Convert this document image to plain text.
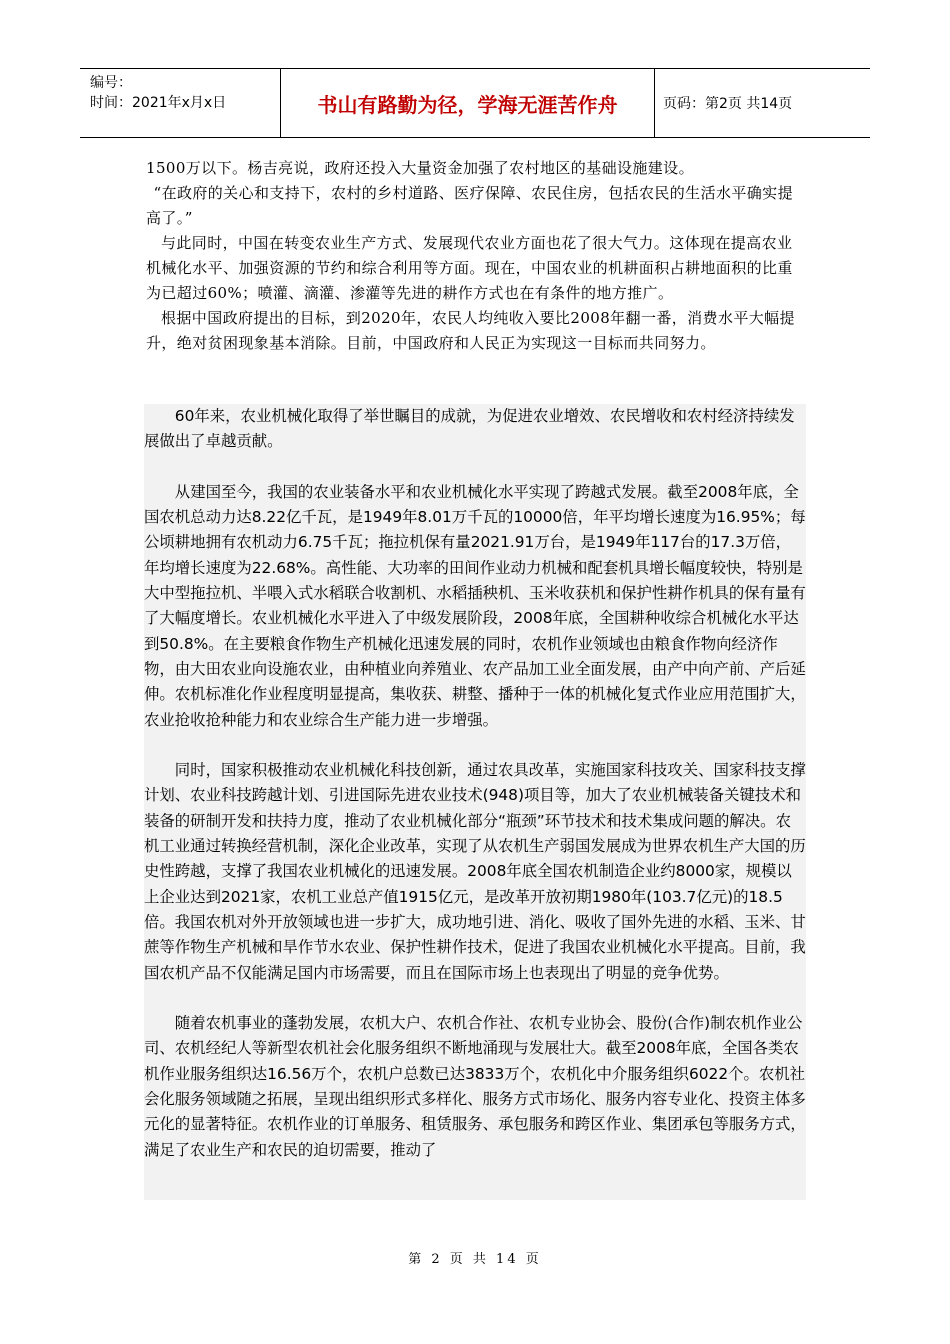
编号：
时间：2021年x月x日	书山有路勤为径，学海无涯苦作舟	页码：第2页 共14页

1500万以下。杨吉亮说，政府还投入大量资金加强了农村地区的基础设施建设。

“在政府的关心和支持下，农村的乡村道路、医疗保障、农民住房，包括农民的生活水平确实提高了。”

与此同时，中国在转变农业生产方式、发展现代农业方面也花了很大气力。这体现在提高农业机械化水平、加强资源的节约和综合利用等方面。现在，中国农业的机耕面积占耕地面积的比重为已超过60%；喷灌、滴灌、渗灌等先进的耕作方式也在有条件的地方推广。

根据中国政府提出的目标，到2020年，农民人均纯收入要比2008年翻一番，消费水平大幅提升，绝对贫困现象基本消除。目前，中国政府和人民正为实现这一目标而共同努力。

60年来，农业机械化取得了举世瞩目的成就，为促进农业增效、农民增收和农村经济持续发展做出了卓越贡献。

从建国至今，我国的农业装备水平和农业机械化水平实现了跨越式发展。截至2008年底，全国农机总动力达8.22亿千瓦，是1949年8.01万千瓦的10000倍，年平均增长速度为16.95%；每公顷耕地拥有农机动力6.75千瓦；拖拉机保有量2021.91万台，是1949年117台的17.3万倍，年均增长速度为22.68%。高性能、大功率的田间作业动力机械和配套机具增长幅度较快，特别是大中型拖拉机、半喂入式水稻联合收割机、水稻插秧机、玉米收获机和保护性耕作机具的保有量有了大幅度增长。农业机械化水平进入了中级发展阶段，2008年底，全国耕种收综合机械化水平达到50.8%。在主要粮食作物生产机械化迅速发展的同时，农机作业领域也由粮食作物向经济作物，由大田农业向设施农业，由种植业向养殖业、农产品加工业全面发展，由产中向产前、产后延伸。农机标准化作业程度明显提高，集收获、耕整、播种于一体的机械化复式作业应用范围扩大，农业抢收抢种能力和农业综合生产能力进一步增强。

同时，国家积极推动农业机械化科技创新，通过农具改革，实施国家科技攻关、国家科技支撑计划、农业科技跨越计划、引进国际先进农业技术(948)项目等，加大了农业机械装备关键技术和装备的研制开发和扶持力度，推动了农业机械化部分“瓶颈”环节技术和技术集成问题的解决。农机工业通过转换经营机制，深化企业改革，实现了从农机生产弱国发展成为世界农机生产大国的历史性跨越，支撑了我国农业机械化的迅速发展。2008年底全国农机制造企业约8000家，规模以上企业达到2021家，农机工业总产值1915亿元，是改革开放初期1980年(103.7亿元)的18.5倍。我国农机对外开放领域也进一步扩大，成功地引进、消化、吸收了国外先进的水稻、玉米、甘蔗等作物生产机械和旱作节水农业、保护性耕作技术，促进了我国农业机械化水平提高。目前，我国农机产品不仅能满足国内市场需要，而且在国际市场上也表现出了明显的竞争优势。

随着农机事业的蓬勃发展，农机大户、农机合作社、农机专业协会、股份(合作)制农机作业公司、农机经纪人等新型农机社会化服务组织不断地涌现与发展壮大。截至2008年底，全国各类农机作业服务组织达16.56万个，农机户总数已达3833万个，农机化中介服务组织6022个。农机社会化服务领域随之拓展，呈现出组织形式多样化、服务方式市场化、服务内容专业化、投资主体多元化的显著特征。农机作业的订单服务、租赁服务、承包服务和跨区作业、集团承包等服务方式，满足了农业生产和农民的迫切需要，推动了

第 2 页 共 14 页
